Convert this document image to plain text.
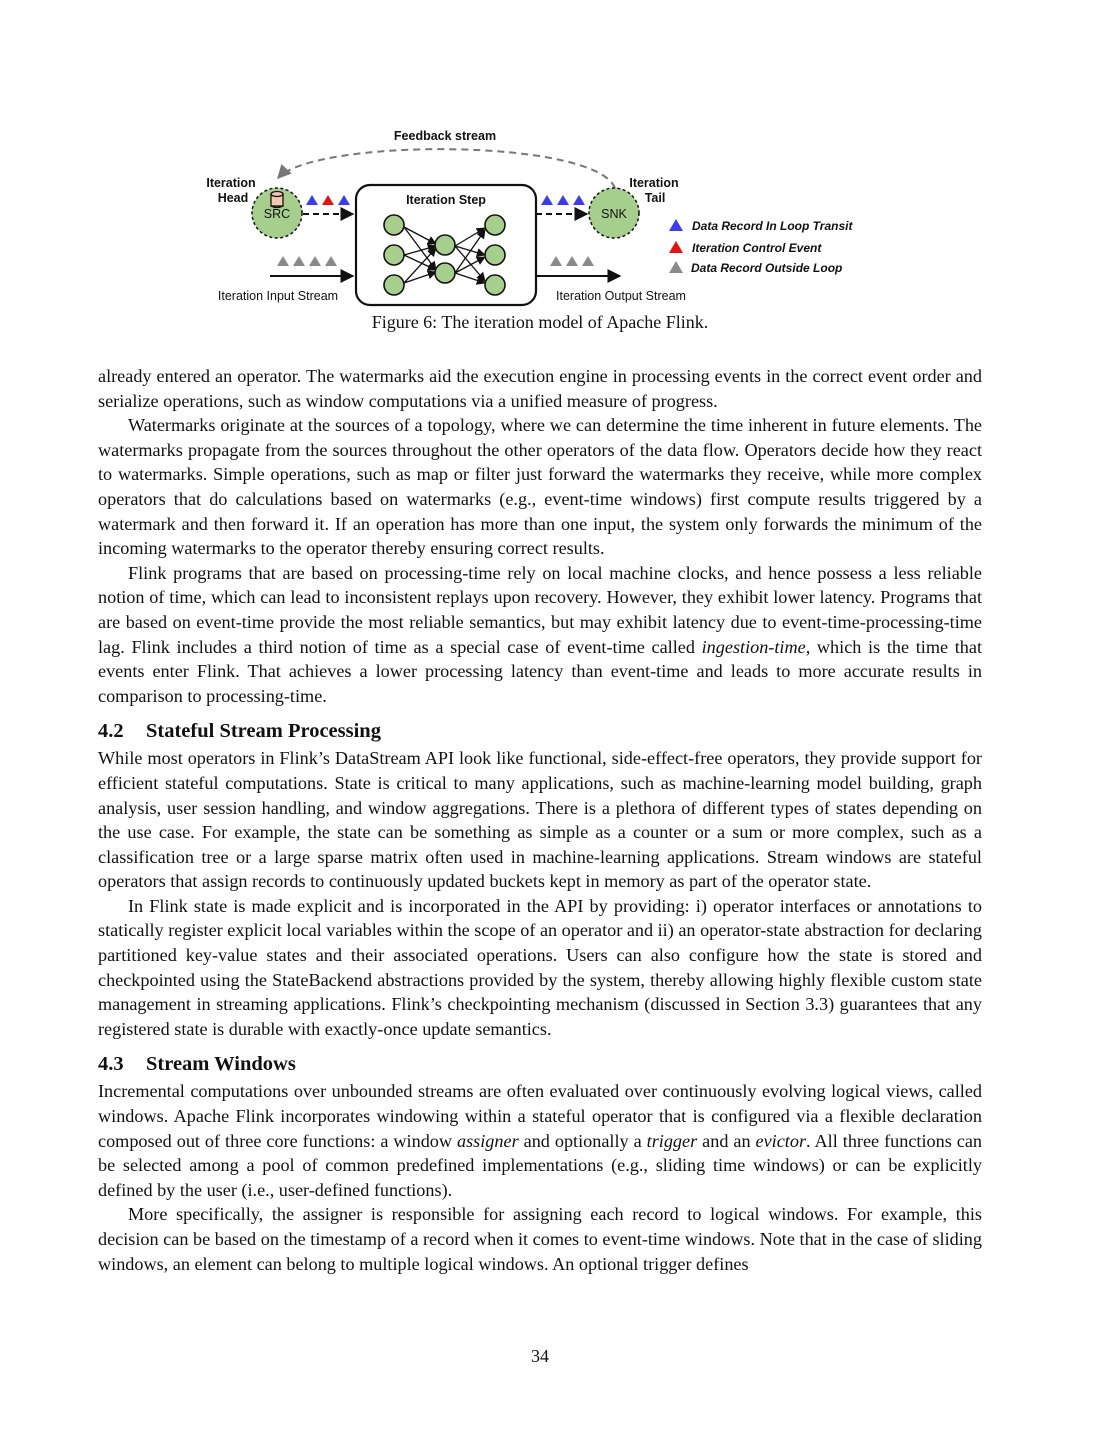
Feedback stream
Iteration
Head
SRC
Iteration Input Stream
Iteration Step
SNK
Iteration
Tail
Iteration Output Stream
Data Record In Loop Transit
Iteration Control Event
Data Record Outside Loop
Figure 6: The iteration model of Apache Flink.

already entered an operator. The watermarks aid the execution engine in processing events in the correct event order and serialize operations, such as window computations via a unified measure of progress.

Watermarks originate at the sources of a topology, where we can determine the time inherent in future elements. The watermarks propagate from the sources throughout the other operators of the data flow. Operators decide how they react to watermarks. Simple operations, such as map or filter just forward the watermarks they receive, while more complex operators that do calculations based on watermarks (e.g., event-time windows) first compute results triggered by a watermark and then forward it. If an operation has more than one input, the system only forwards the minimum of the incoming watermarks to the operator thereby ensuring correct results.

Flink programs that are based on processing-time rely on local machine clocks, and hence possess a less reliable notion of time, which can lead to inconsistent replays upon recovery. However, they exhibit lower latency. Programs that are based on event-time provide the most reliable semantics, but may exhibit latency due to event-time-processing-time lag. Flink includes a third notion of time as a special case of event-time called ingestion-time, which is the time that events enter Flink. That achieves a lower processing latency than event-time and leads to more accurate results in comparison to processing-time.

4.2 Stateful Stream Processing

While most operators in Flink’s DataStream API look like functional, side-effect-free operators, they provide support for efficient stateful computations. State is critical to many applications, such as machine-learning model building, graph analysis, user session handling, and window aggregations. There is a plethora of different types of states depending on the use case. For example, the state can be something as simple as a counter or a sum or more complex, such as a classification tree or a large sparse matrix often used in machine-learning applications. Stream windows are stateful operators that assign records to continuously updated buckets kept in memory as part of the operator state.

In Flink state is made explicit and is incorporated in the API by providing: i) operator interfaces or annotations to statically register explicit local variables within the scope of an operator and ii) an operator-state abstraction for declaring partitioned key-value states and their associated operations. Users can also configure how the state is stored and checkpointed using the StateBackend abstractions provided by the system, thereby allowing highly flexible custom state management in streaming applications. Flink’s checkpointing mechanism (discussed in Section 3.3) guarantees that any registered state is durable with exactly-once update semantics.

4.3 Stream Windows

Incremental computations over unbounded streams are often evaluated over continuously evolving logical views, called windows. Apache Flink incorporates windowing within a stateful operator that is configured via a flexible declaration composed out of three core functions: a window assigner and optionally a trigger and an evictor. All three functions can be selected among a pool of common predefined implementations (e.g., sliding time windows) or can be explicitly defined by the user (i.e., user-defined functions).

More specifically, the assigner is responsible for assigning each record to logical windows. For example, this decision can be based on the timestamp of a record when it comes to event-time windows. Note that in the case of sliding windows, an element can belong to multiple logical windows. An optional trigger defines

34
